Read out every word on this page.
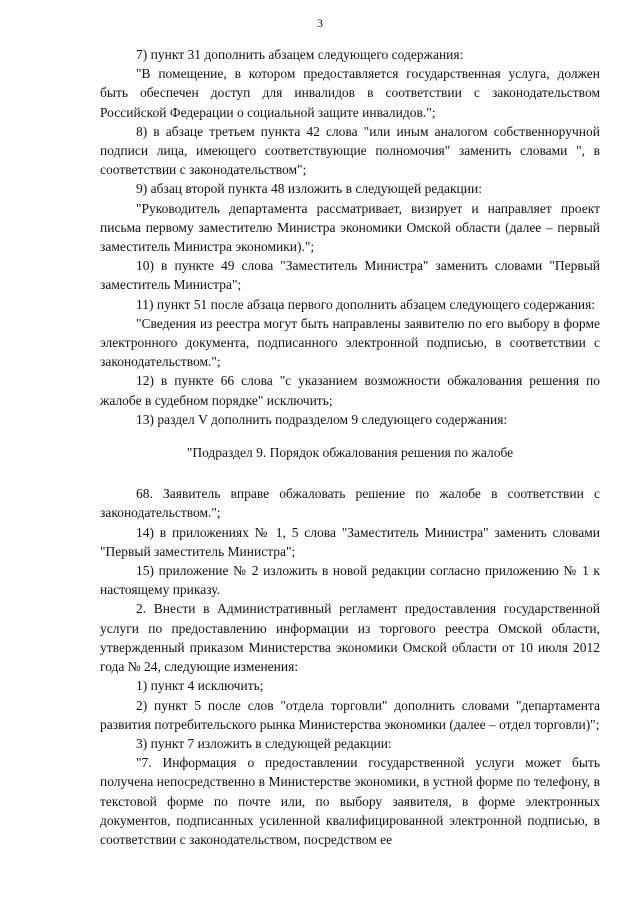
3

7) пункт 31 дополнить абзацем следующего содержания:

"В помещение, в котором предоставляется государственная услуга, должен быть обеспечен доступ для инвалидов в соответствии с законодательством Российской Федерации о социальной защите инвалидов.";

8) в абзаце третьем пункта 42 слова "или иным аналогом собственноручной подписи лица, имеющего соответствующие полномочия" заменить словами ", в соответствии с законодательством";

9) абзац второй пункта 48 изложить в следующей редакции:

"Руководитель департамента рассматривает, визирует и направляет проект письма первому заместителю Министра экономики Омской области (далее – первый заместитель Министра экономики).";

10) в пункте 49 слова "Заместитель Министра" заменить словами "Первый заместитель Министра";

11) пункт 51 после абзаца первого дополнить абзацем следующего содержания:

"Сведения из реестра могут быть направлены заявителю по его выбору в форме электронного документа, подписанного электронной подписью, в соответствии с законодательством.";

12) в пункте 66 слова "с указанием возможности обжалования решения по жалобе в судебном порядке" исключить;

13) раздел V дополнить подразделом 9 следующего содержания:

"Подраздел 9. Порядок обжалования решения по жалобе

68. Заявитель вправе обжаловать решение по жалобе в соответствии с законодательством.";

14) в приложениях № 1, 5 слова "Заместитель Министра" заменить словами "Первый заместитель Министра";

15) приложение № 2 изложить в новой редакции согласно приложению № 1 к настоящему приказу.

2. Внести в Административный регламент предоставления государственной услуги по предоставлению информации из торгового реестра Омской области, утвержденный приказом Министерства экономики Омской области от 10 июля 2012 года № 24, следующие изменения:

1) пункт 4 исключить;

2) пункт 5 после слов "отдела торговли" дополнить словами "департамента развития потребительского рынка Министерства экономики (далее – отдел торговли)";

3) пункт 7 изложить в следующей редакции:

"7. Информация о предоставлении государственной услуги может быть получена непосредственно в Министерстве экономики, в устной форме по телефону, в текстовой форме по почте или, по выбору заявителя, в форме электронных документов, подписанных усиленной квалифицированной электронной подписью, в соответствии с законодательством, посредством ее
